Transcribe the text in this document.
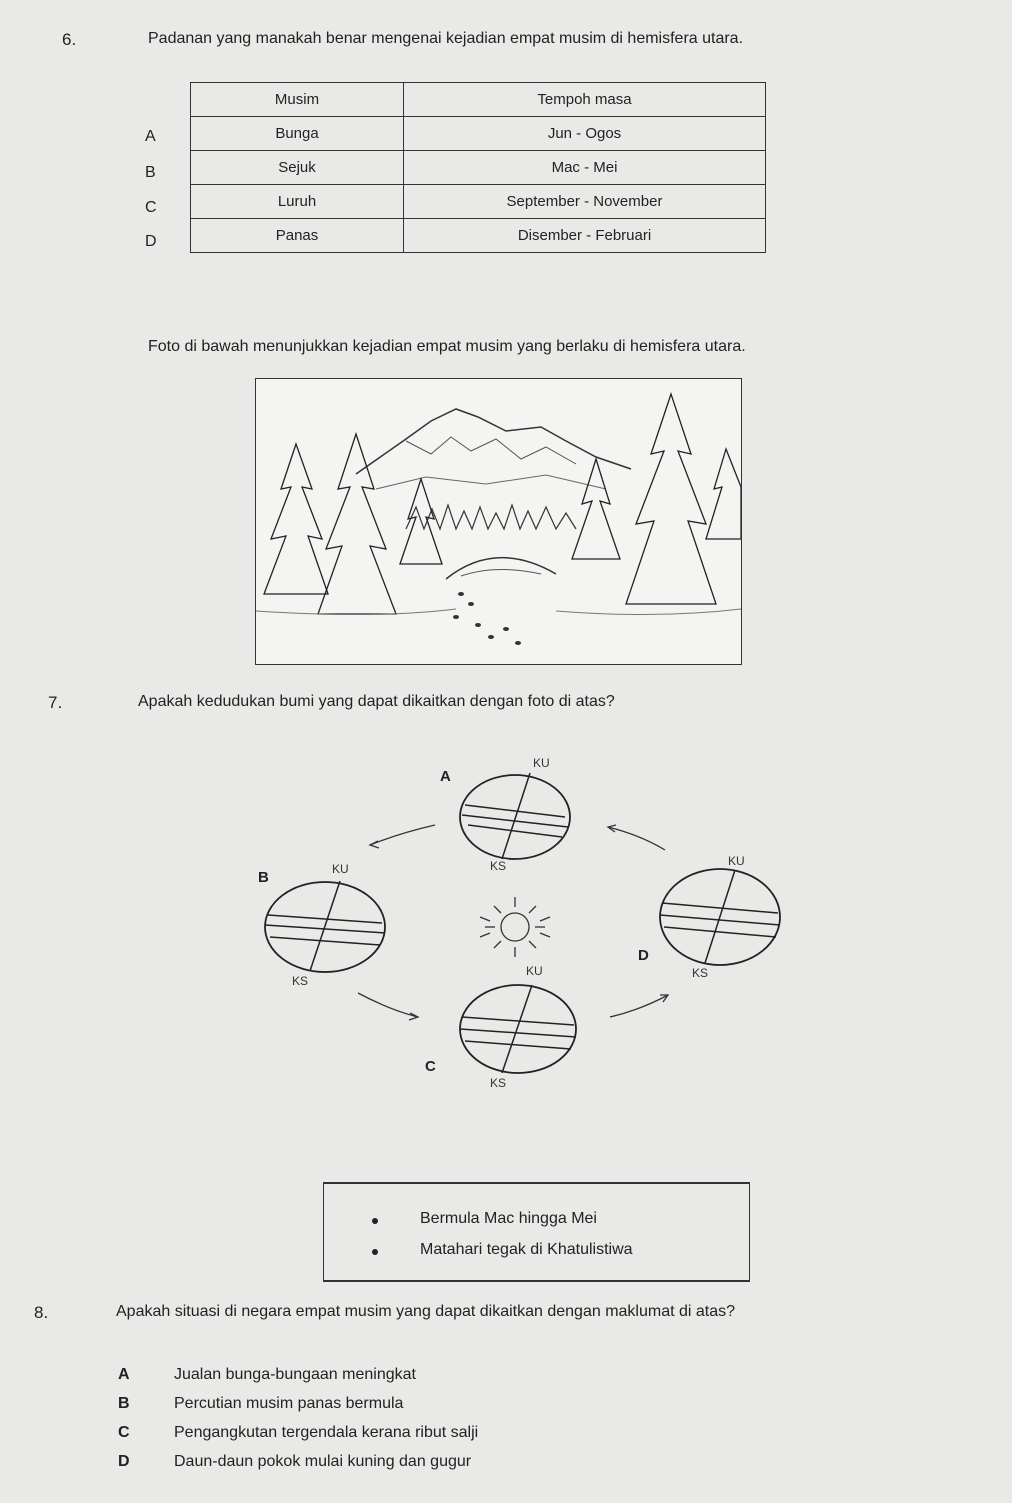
6.	Padanan yang manakah benar mengenai kejadian empat musim di hemisfera utara.
A
B
C
D
Musim	Tempoh masa
Bunga	Jun - Ogos
Sejuk	Mac - Mei
Luruh	September - November
Panas	Disember - Februari
Foto di bawah menunjukkan kejadian empat musim yang berlaku di hemisfera utara.
7.	Apakah kedudukan bumi yang dapat dikaitkan dengan foto di atas?
KU
KS
A
KU
KS
B
KU
KS
D
KU
KS
C
Bermula Mac hingga Mei
Matahari tegak di Khatulistiwa
8.	Apakah situasi di negara empat musim yang dapat dikaitkan dengan maklumat di atas?
A	Jualan bunga-bungaan meningkat
B	Percutian musim panas bermula
C	Pengangkutan tergendala kerana ribut salji
D	Daun-daun pokok mulai kuning dan gugur
